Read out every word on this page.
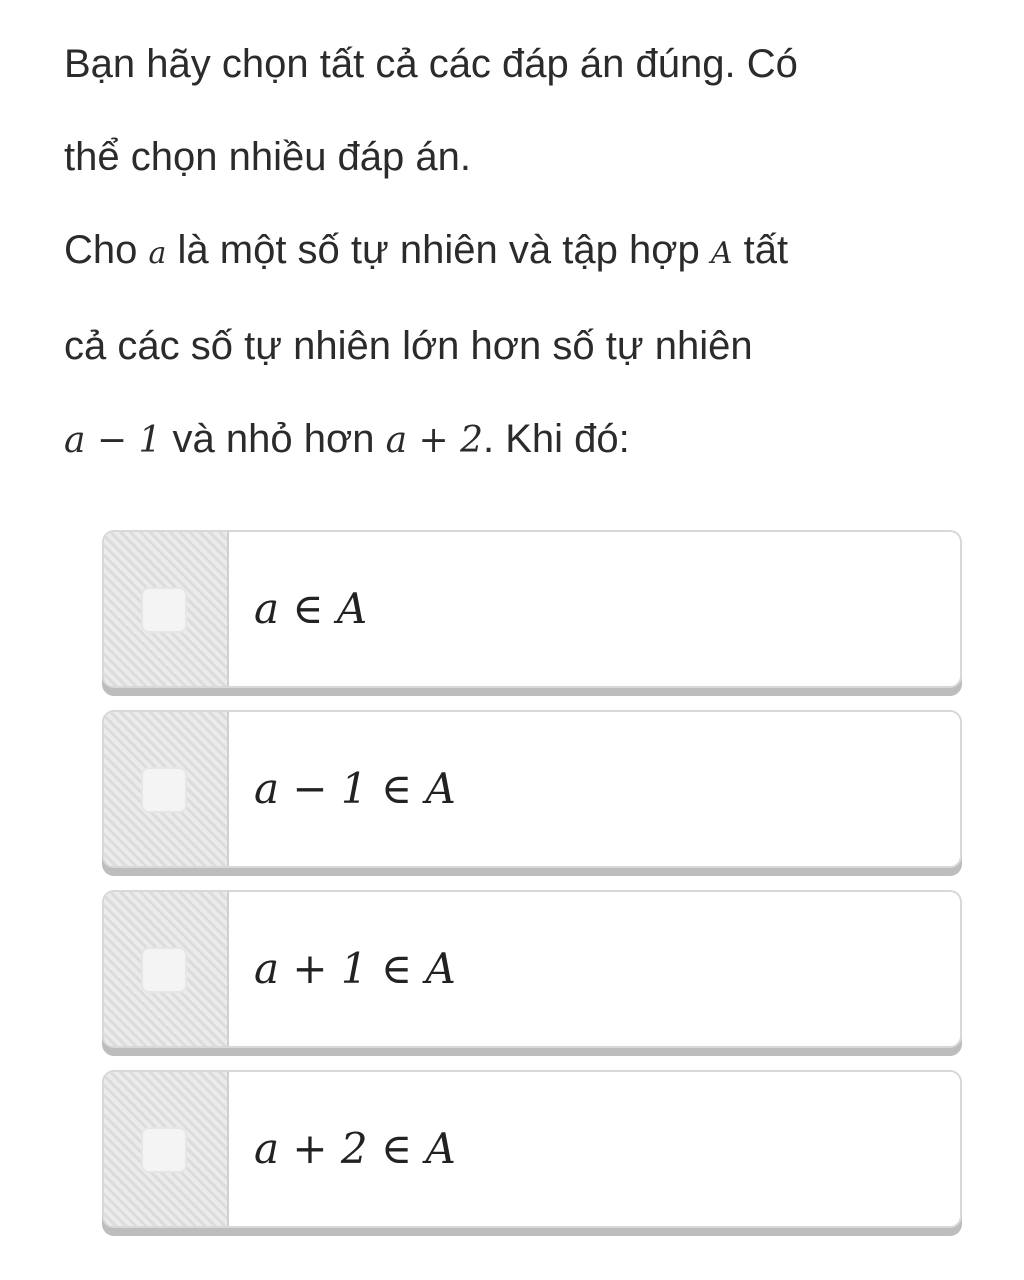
Bạn hãy chọn tất cả các đáp án đúng. Có

thể chọn nhiều đáp án.

Cho a là một số tự nhiên và tập hợp A tất

cả các số tự nhiên lớn hơn số tự nhiên

a − 1 và nhỏ hơn a + 2. Khi đó:

a ∈ A
a − 1 ∈ A
a + 1 ∈ A
a + 2 ∈ A
